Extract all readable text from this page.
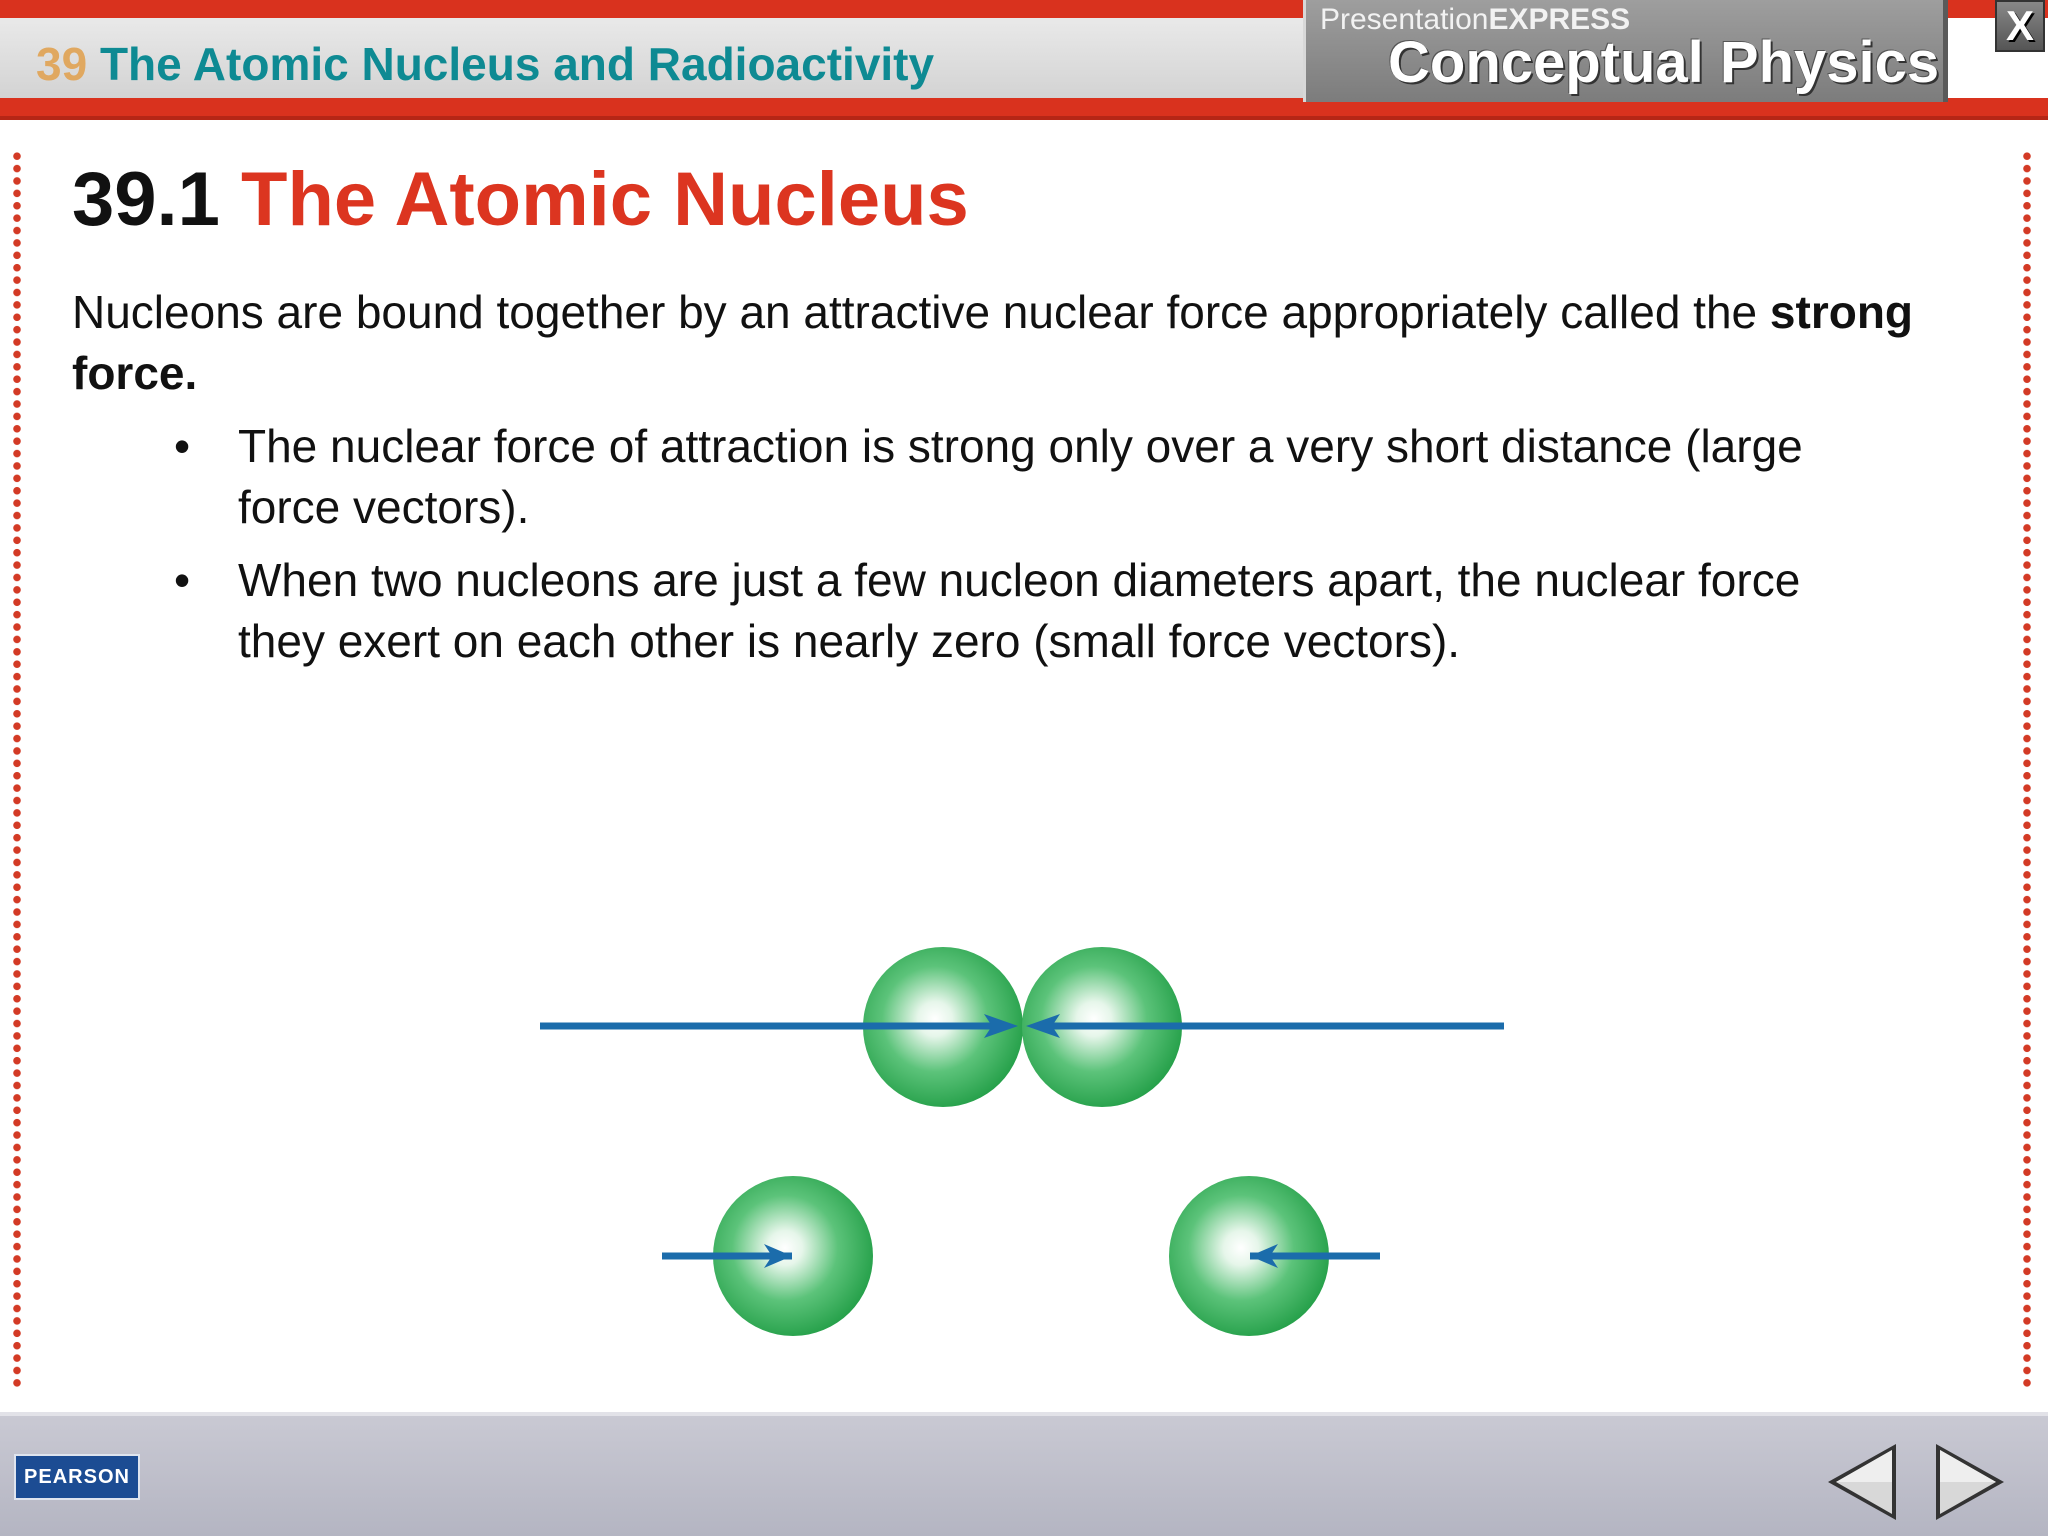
39 The Atomic Nucleus and Radioactivity
PresentationEXPRESS
Conceptual Physics
X
39.1 The Atomic Nucleus
Nucleons are bound together by an attractive nuclear force appropriately called the strong force.
•	The nuclear force of attraction is strong only over a very short distance (large force vectors).
•	When two nucleons are just a few nucleon diameters apart, the nuclear force they exert on each other is nearly zero (small force vectors).
PEARSON
